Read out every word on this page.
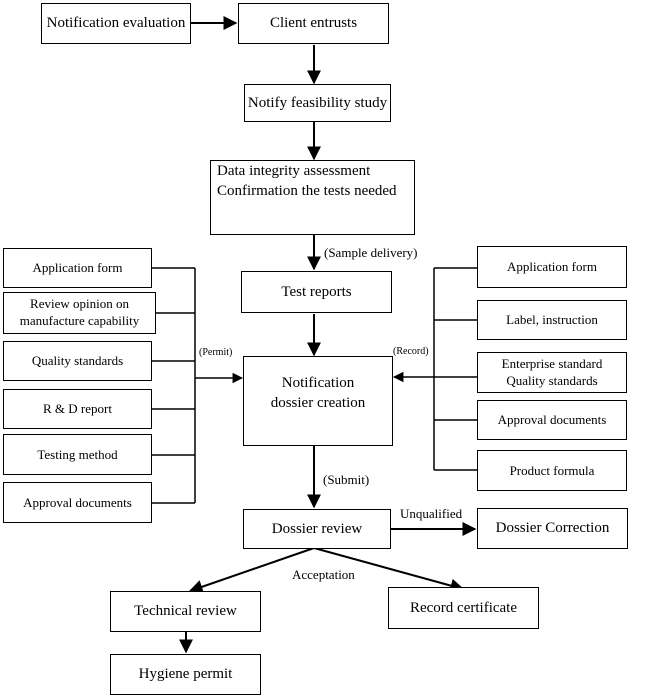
Notification evaluation	Client entrusts
Notify feasibility study
Data integrity assessment
Confirmation the tests needed
Test reports
Notification
dossier creation
Dossier review	Dossier Correction
Technical review	Record certificate
Hygiene permit
Application form
Review opinion on
manufacture capability
Quality standards
R & D report
Testing method
Approval documents
Application form
Label, instruction
Enterprise standard
Quality standards
Approval documents
Product formula
(Sample delivery)
(Permit)	(Record)
(Submit)
Unqualified
Acceptation
